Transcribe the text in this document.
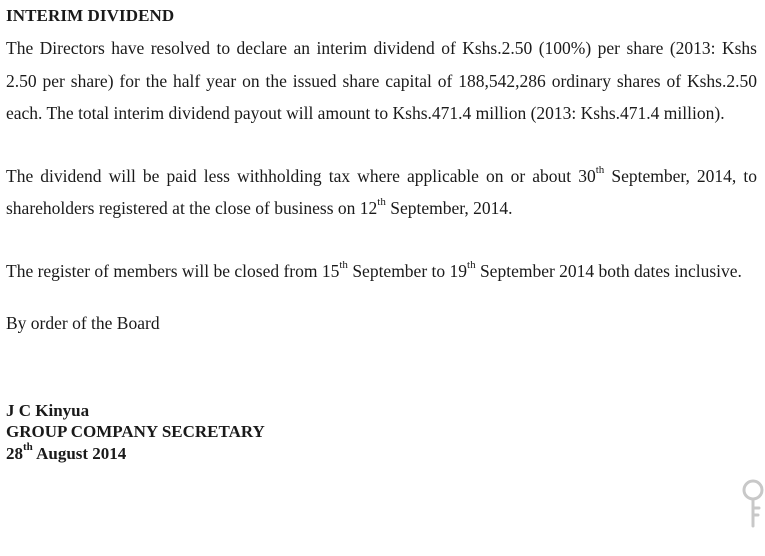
INTERIM DIVIDEND

The Directors have resolved to declare an interim dividend of Kshs.2.50 (100%) per share (2013: Kshs 2.50 per share) for the half year on the issued share capital of 188,542,286 ordinary shares of Kshs.2.50 each. The total interim dividend payout will amount to Kshs.471.4 million (2013: Kshs.471.4 million).

The dividend will be paid less withholding tax where applicable on or about 30th September, 2014, to shareholders registered at the close of business on 12th September, 2014.

The register of members will be closed from 15th September to 19th September 2014 both dates inclusive.

By order of the Board

J C Kinyua

GROUP COMPANY SECRETARY

28th August 2014
